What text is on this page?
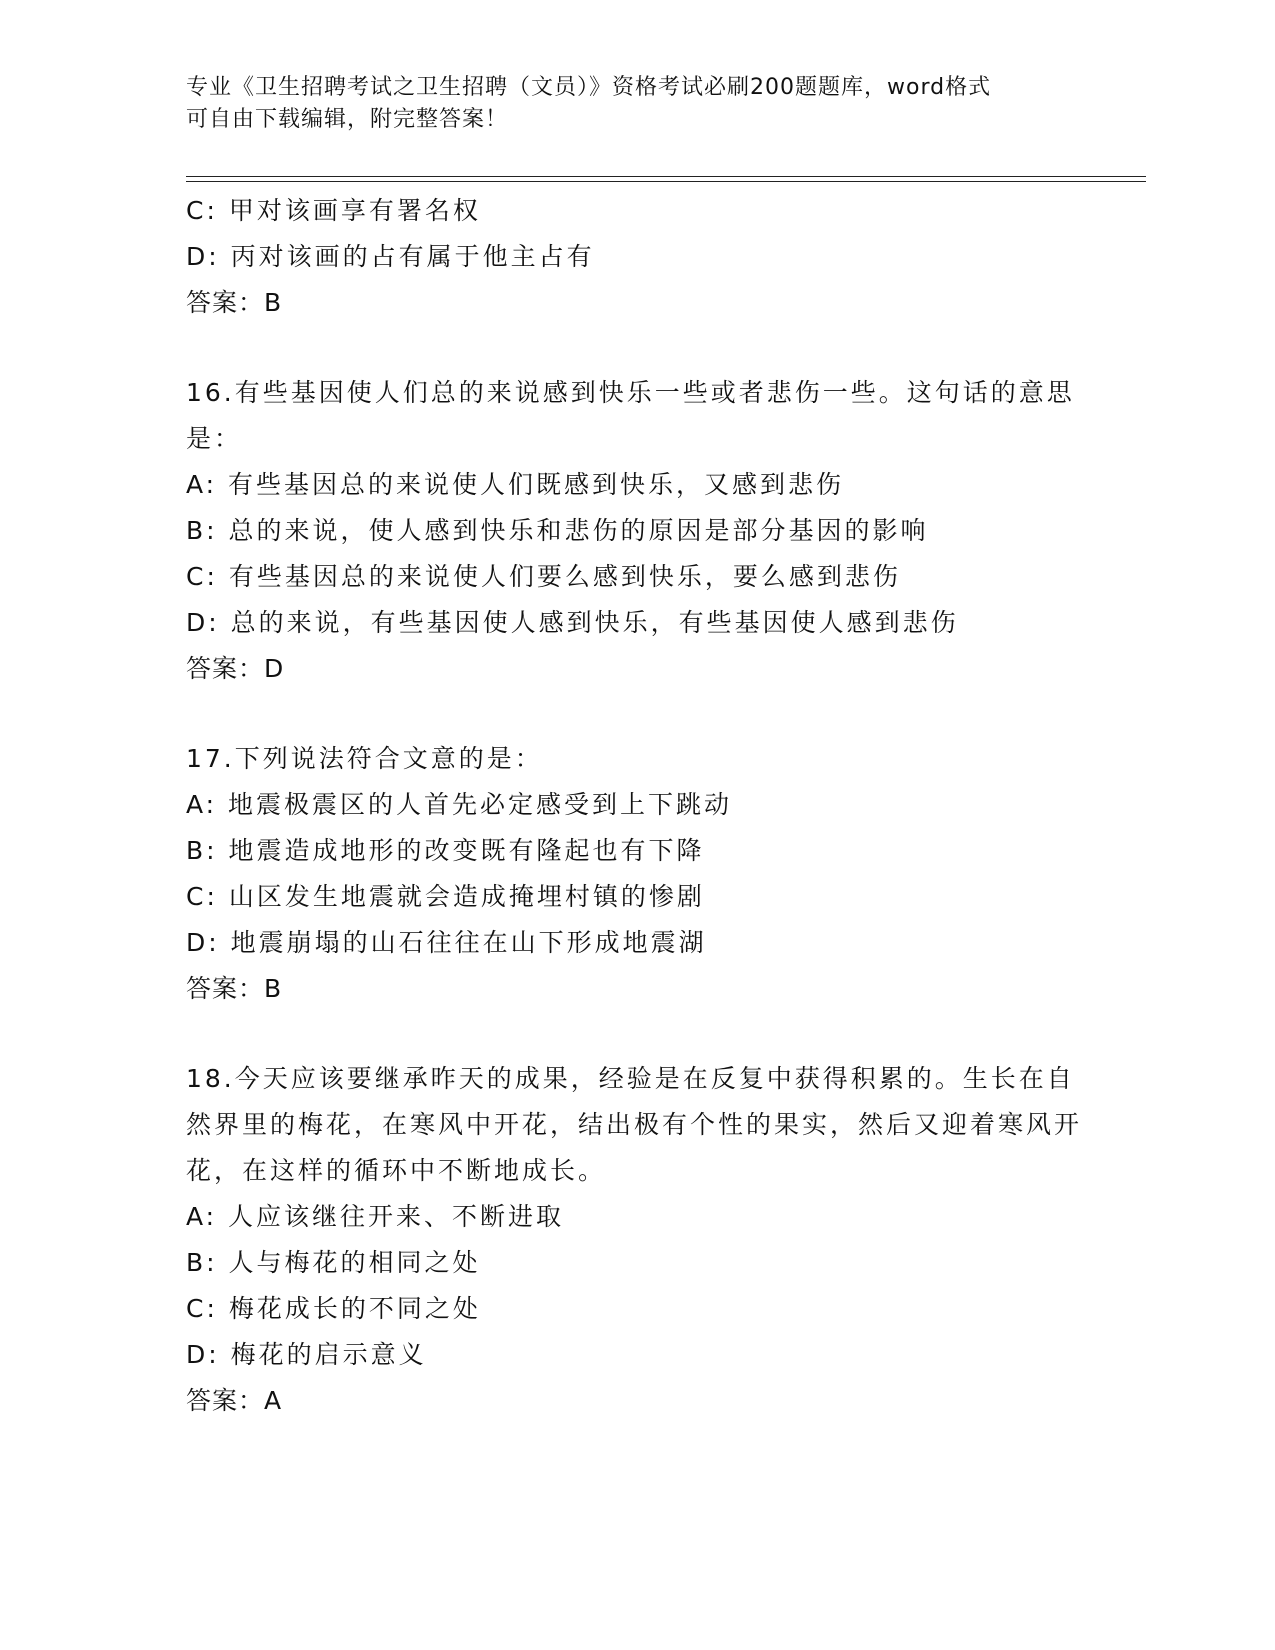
专业《卫生招聘考试之卫生招聘（文员）》资格考试必刷200题题库，word格式
可自由下载编辑，附完整答案！
C: 甲对该画享有署名权
D: 丙对该画的占有属于他主占有
答案：B
16.有些基因使人们总的来说感到快乐一些或者悲伤一些。这句话的意思是：
A: 有些基因总的来说使人们既感到快乐，又感到悲伤
B: 总的来说，使人感到快乐和悲伤的原因是部分基因的影响
C: 有些基因总的来说使人们要么感到快乐，要么感到悲伤
D: 总的来说，有些基因使人感到快乐，有些基因使人感到悲伤
答案：D
17.下列说法符合文意的是：
A: 地震极震区的人首先必定感受到上下跳动
B: 地震造成地形的改变既有隆起也有下降
C: 山区发生地震就会造成掩埋村镇的惨剧
D: 地震崩塌的山石往往在山下形成地震湖
答案：B
18.今天应该要继承昨天的成果，经验是在反复中获得积累的。生长在自然界里的梅花，在寒风中开花，结出极有个性的果实，然后又迎着寒风开花，在这样的循环中不断地成长。
A: 人应该继往开来、不断进取
B: 人与梅花的相同之处
C: 梅花成长的不同之处
D: 梅花的启示意义
答案：A
